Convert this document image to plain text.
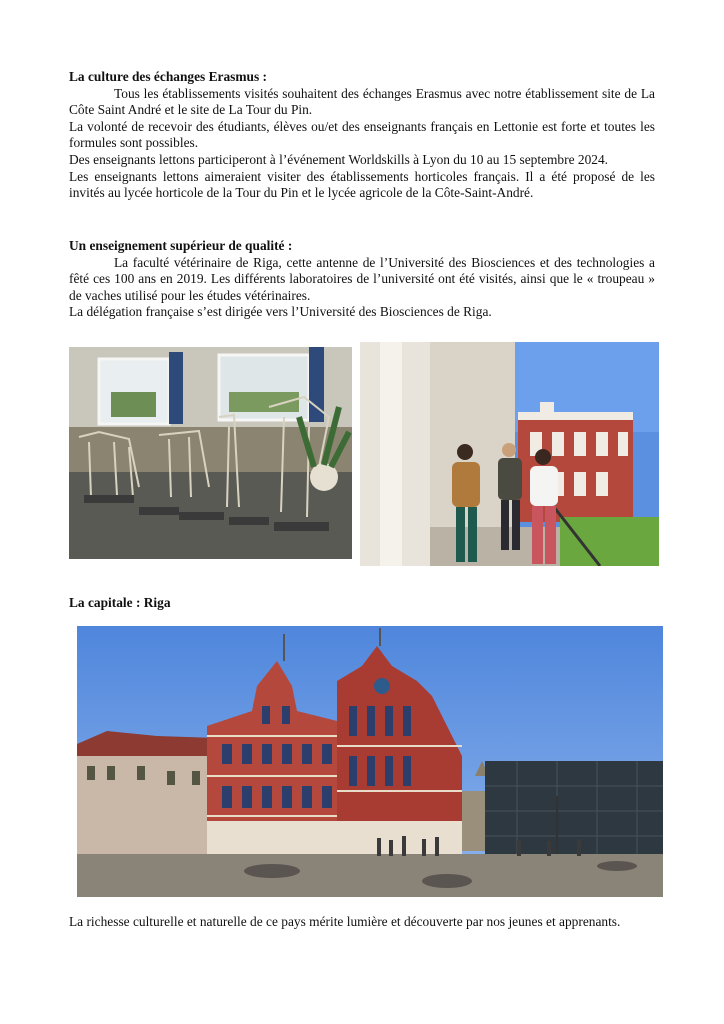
La culture des échanges Erasmus :

Tous les établissements visités souhaitent des échanges Erasmus avec notre établissement site de La Côte Saint André et le site de La Tour du Pin.

La volonté de recevoir des étudiants, élèves ou/et des enseignants français en Lettonie est forte et toutes les formules sont possibles.

Des enseignants lettons participeront à l’événement Worldskills à Lyon du 10 au 15 septembre 2024.

Les enseignants lettons aimeraient visiter des établissements horticoles français. Il a été proposé de les invités au lycée horticole de la Tour du Pin et le lycée agricole de la Côte-Saint-André.

Un enseignement supérieur de qualité :

La faculté vétérinaire de Riga, cette antenne de l’Université des Biosciences et des technologies a fêté ces 100 ans en 2019. Les différents laboratoires de l’université ont été visités, ainsi que le « troupeau » de vaches utilisé pour les études vétérinaires.

La délégation française s’est dirigée vers l’Université des Biosciences de Riga.

La capitale : Riga

La richesse culturelle et naturelle de ce pays mérite lumière et découverte par nos jeunes et apprenants.
